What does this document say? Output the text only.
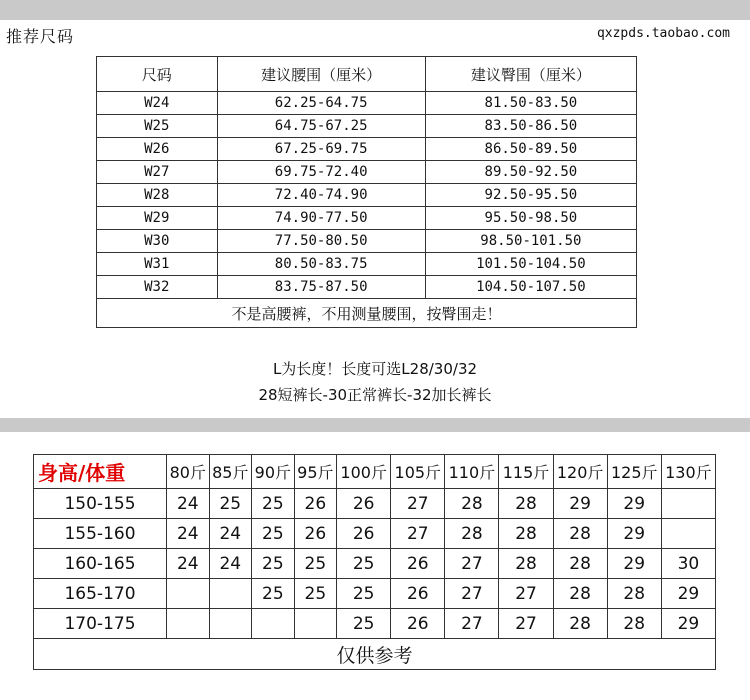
推荐尺码	qxzpds.taobao.com
尺码	建议腰围（厘米）	建议臀围（厘米）
W24	62.25-64.75	81.50-83.50
W25	64.75-67.25	83.50-86.50
W26	67.25-69.75	86.50-89.50
W27	69.75-72.40	89.50-92.50
W28	72.40-74.90	92.50-95.50
W29	74.90-77.50	95.50-98.50
W30	77.50-80.50	98.50-101.50
W31	80.50-83.75	101.50-104.50
W32	83.75-87.50	104.50-107.50
不是高腰裤，不用测量腰围，按臀围走！		
L为长度！长度可选L28/30/32
28短裤长-30正常裤长-32加长裤长
身高/体重	80斤	85斤	90斤	95斤	100斤	105斤	110斤	115斤	120斤	125斤	130斤
150-155	24	25	25	26	26	27	28	28	29	29	
155-160	24	24	25	26	26	27	28	28	28	29	
160-165	24	24	25	25	25	26	27	28	28	29	30
165-170			25	25	25	26	27	27	28	28	29
170-175					25	26	27	27	28	28	29
仅供参考											
